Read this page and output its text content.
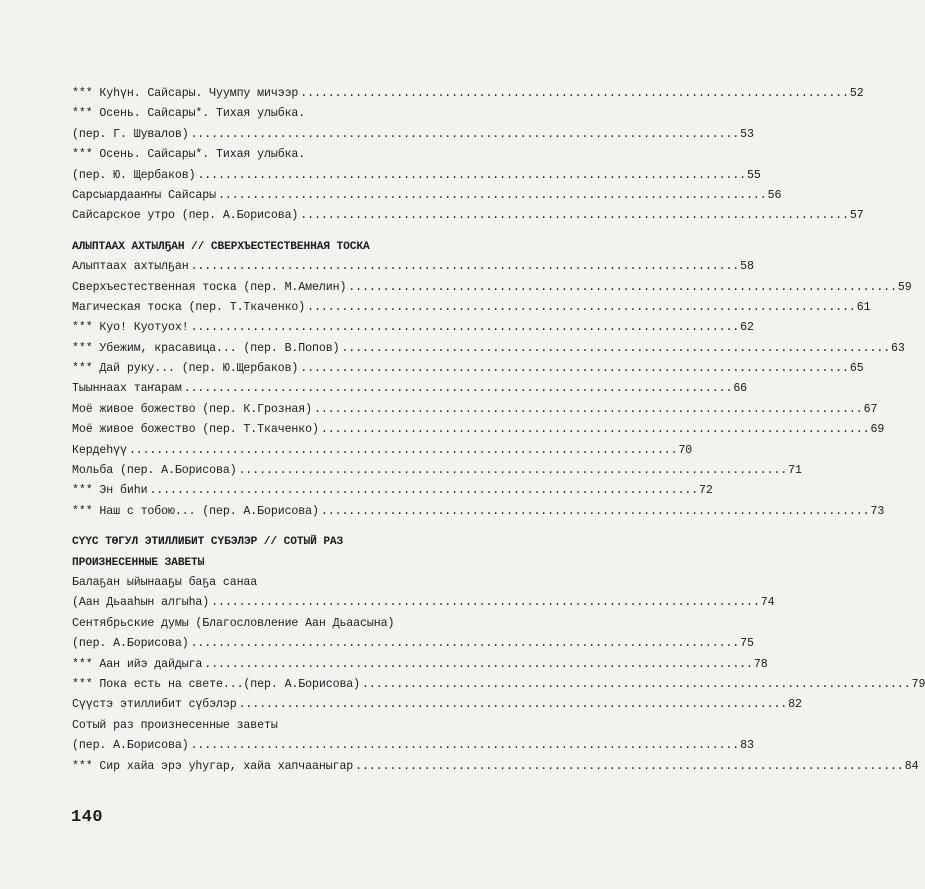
*** Куһүн. Сайсары. Чуумпу мичээр ................................................................................ 52
*** Осень. Сайсары*. Тихая улыбка.
(пер. Г. Шувалов) ................................................................................ 53
*** Осень. Сайсары*. Тихая улыбка.
(пер. Ю. Щербаков) ................................................................................ 55
Сарсыардааҥҥы Сайсары ................................................................................ 56
Сайсарское утро (пер. А.Борисова) ................................................................................ 57
АЛЫПТААХ АХТЫЛҔАН // СВЕРХЪЕСТЕСТВЕННАЯ ТОСКА
Алыптаах ахтылҕан ................................................................................ 58
Сверхъестественная тоска (пер. М.Амелин) ................................................................................ 59
Магическая тоска (пер. Т.Ткаченко) ................................................................................ 61
*** Куо! Куотуох! ................................................................................ 62
*** Убежим, красавица... (пер. В.Попов) ................................................................................ 63
*** Дай руку... (пер. Ю.Щербаков) ................................................................................ 65
Тыыннаах таҥарам ................................................................................ 66
Моё живое божество (пер. К.Грозная) ................................................................................ 67
Моё живое божество (пер. Т.Ткаченко) ................................................................................ 69
Кердеһүү ................................................................................ 70
Мольба (пер. А.Борисова) ................................................................................ 71
*** Эн биһи ................................................................................ 72
*** Наш с тобою... (пер. А.Борисова) ................................................................................ 73
СҮҮС ТӨГУЛ ЭТИЛЛИБИТ СҮБЭЛЭР // СОТЫЙ РАЗ
ПРОИЗНЕСЕННЫЕ ЗАВЕТЫ
Балаҕан ыйынааҕы баҕа санаа
(Аан Дьааһын алгыһа) ................................................................................ 74
Сентябрьские думы (Благословление Аан Дьаасына)
(пер. А.Борисова) ................................................................................ 75
*** Аан ийэ дайдыга ................................................................................ 78
*** Пока есть на свете...(пер. А.Борисова) ................................................................................ 79
Сүүстэ этиллибит сүбэлэр ................................................................................ 82
Сотый раз произнесенные заветы
(пер. А.Борисова) ................................................................................ 83
*** Сир хайа эрэ уһугар, хайа хапчааныгар ................................................................................ 84
140
